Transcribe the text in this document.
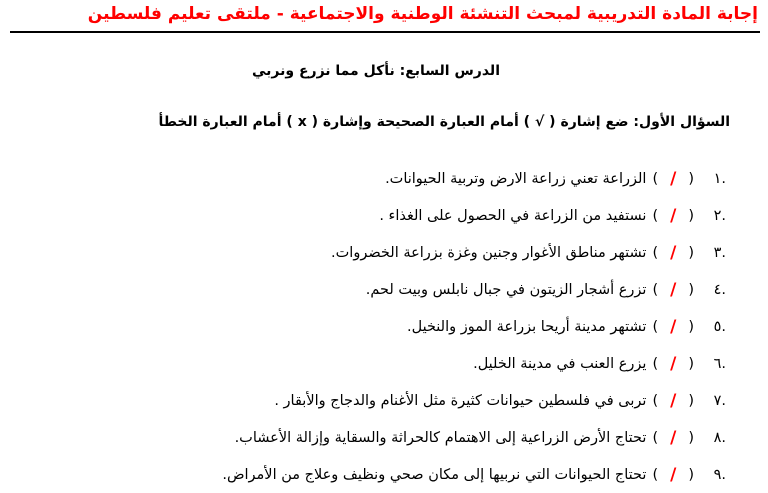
إجابة المادة التدريبية لمبحث التنشئة الوطنية والاجتماعية - ملتقى تعليم فلسطين
الدرس السابع: نأكل مما نزرع ونربي
السؤال الأول: ضع إشارة ( √ ) أمام العبارة الصحيحة وإشارة ( x ) أمام العبارة الخطأ
.١
(
/
)
الزراعة تعني زراعة الارض وتربية الحيوانات.
.٢
(
/
)
نستفيد من الزراعة في الحصول على الغذاء .
.٣
(
/
)
تشتهر مناطق الأغوار وجنين وغزة بزراعة الخضروات.
.٤
(
/
)
تزرع أشجار الزيتون في جبال نابلس وبيت لحم.
.٥
(
/
)
تشتهر مدينة أريحا بزراعة الموز والنخيل.
.٦
(
/
)
يزرع العنب في مدينة الخليل.
.٧
(
/
)
تربى في فلسطين حيوانات كثيرة مثل الأغنام والدجاج والأبقار .
.٨
(
/
)
تحتاج الأرض الزراعية إلى الاهتمام كالحراثة والسقاية وإزالة الأعشاب.
.٩
(
/
)
تحتاج الحيوانات التي نربيها إلى مكان صحي ونظيف وعلاج من الأمراض.
